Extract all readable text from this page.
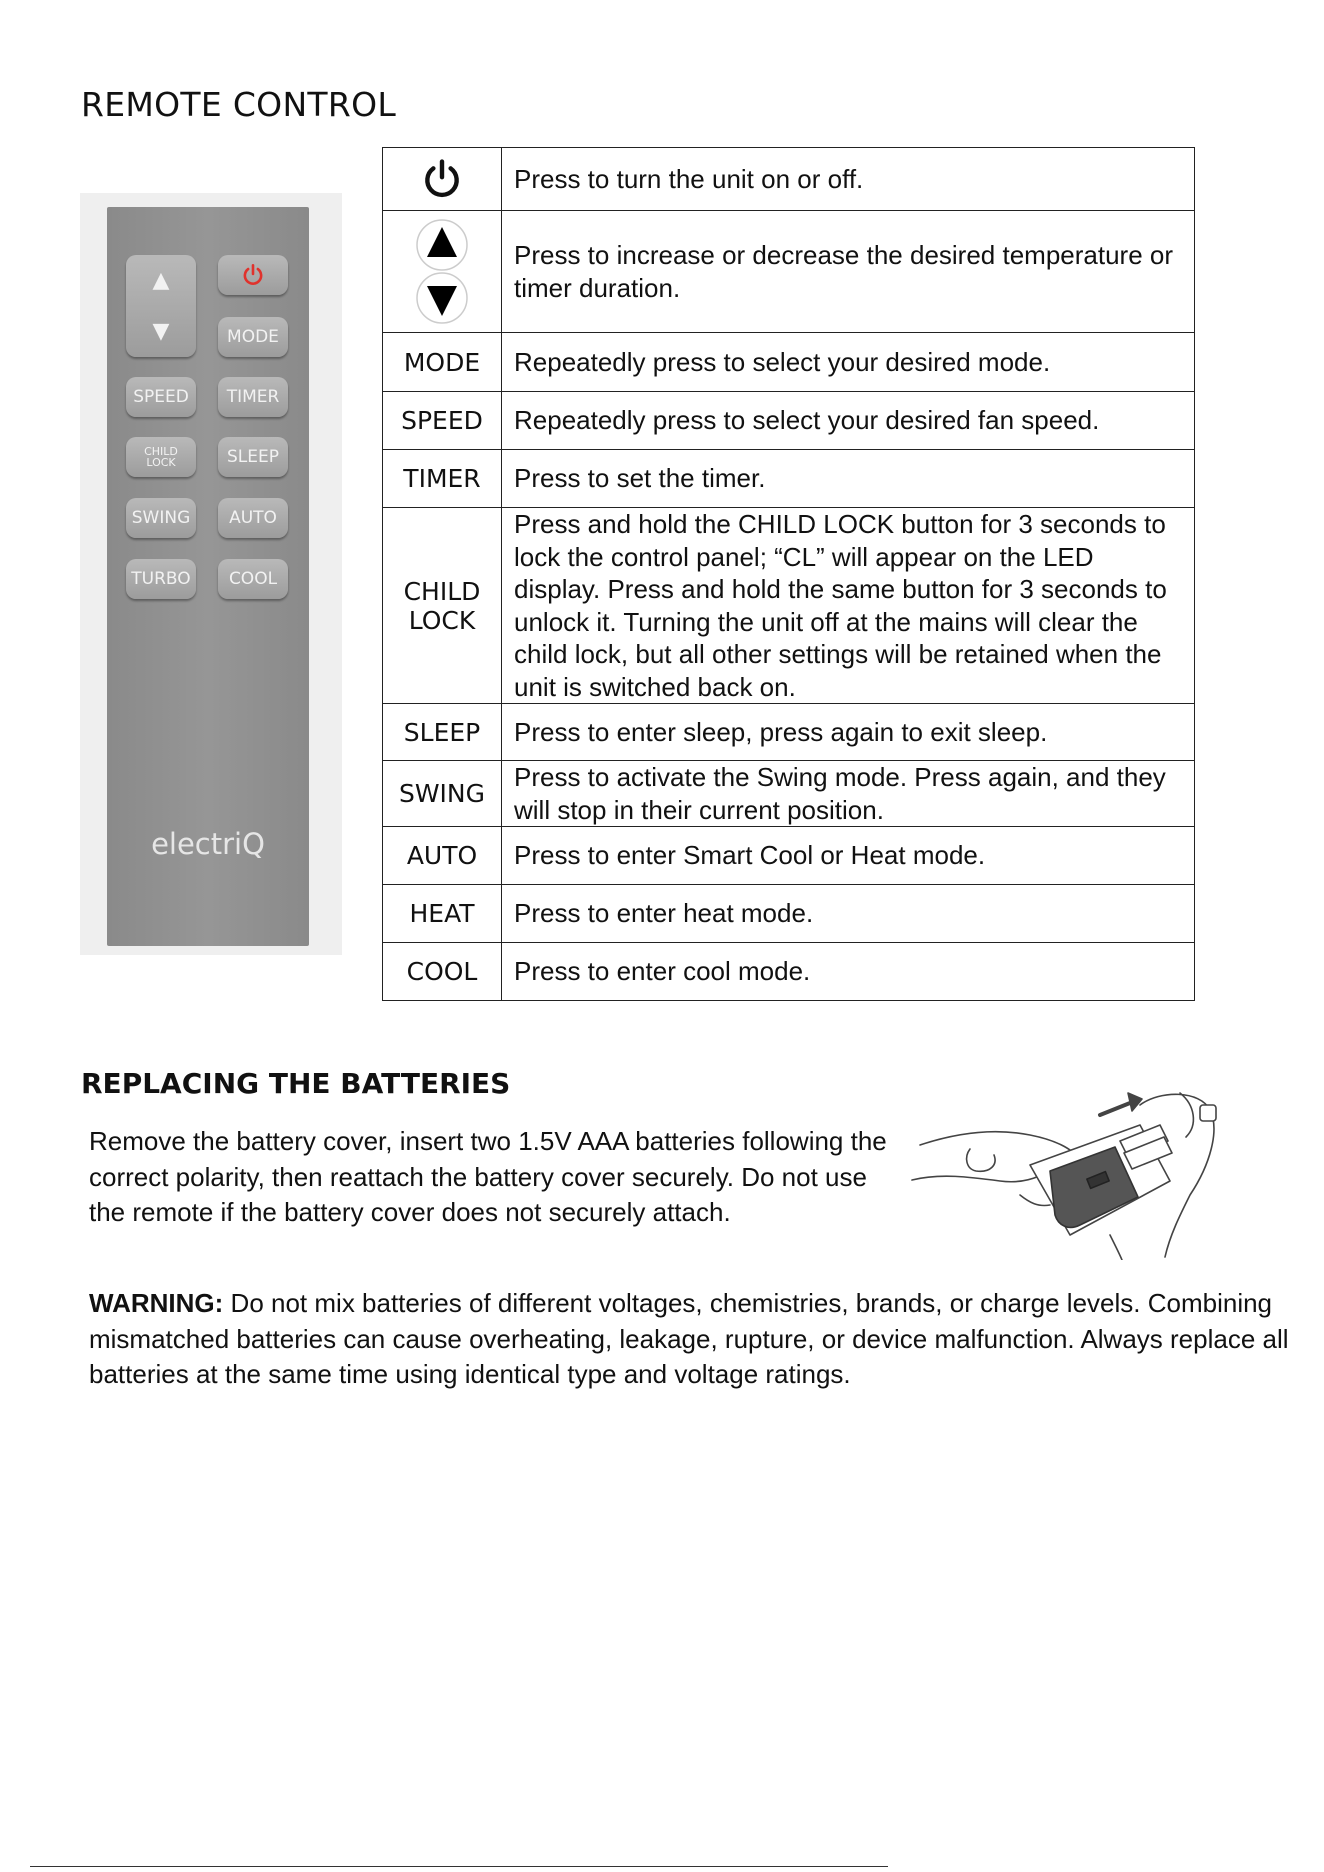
REMOTE CONTROL
▲
▼	MODE
SPEED	TIMER
CHILD LOCK	SLEEP
SWING	AUTO
TURBO	COOL
electriQ
	Press to turn the unit on or off.
	Press to increase or decrease the desired temperature or timer duration.
MODE	Repeatedly press to select your desired mode.
SPEED	Repeatedly press to select your desired fan speed.
TIMER	Press to set the timer.
CHILD LOCK	Press and hold the CHILD LOCK button for 3 seconds to lock the control panel; “CL” will appear on the LED display. Press and hold the same button for 3 seconds to unlock it. Turning the unit off at the mains will clear the child lock, but all other settings will be retained when the unit is switched back on.
SLEEP	Press to enter sleep, press again to exit sleep.
SWING	Press to activate the Swing mode. Press again, and they will stop in their current position.
AUTO	Press to enter Smart Cool or Heat mode.
HEAT	Press to enter heat mode.
COOL	Press to enter cool mode.
REPLACING THE BATTERIES
Remove the battery cover, insert two 1.5V AAA batteries following the correct polarity, then reattach the battery cover securely. Do not use the remote if the battery cover does not securely attach.
WARNING: Do not mix batteries of different voltages, chemistries, brands, or charge levels. Combining mismatched batteries can cause overheating, leakage, rupture, or device malfunction. Always replace all batteries at the same time using identical type and voltage ratings.
